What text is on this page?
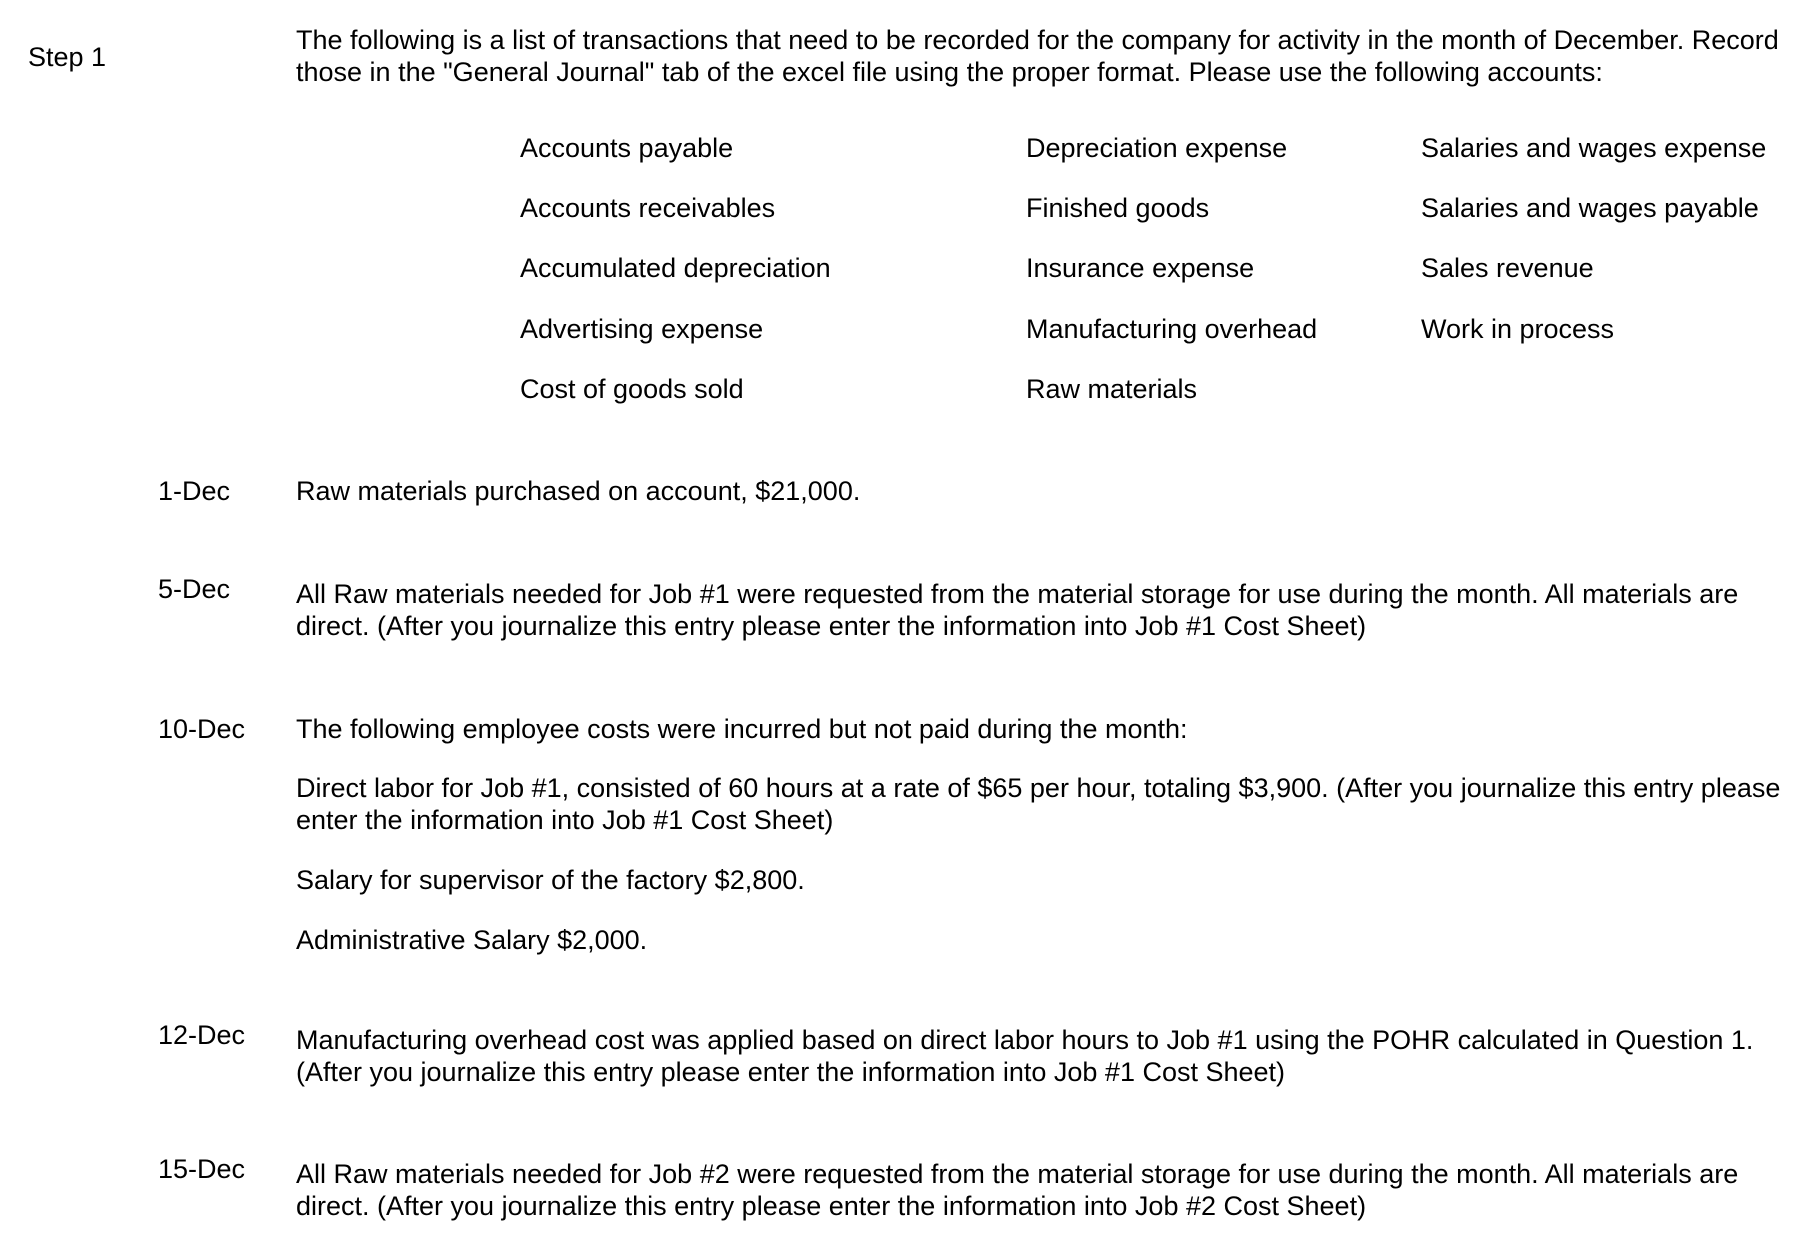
Step 1

The following is a list of transactions that need to be recorded for the company for activity in the month of December. Record

those in the "General Journal" tab of the excel file using the proper format. Please use the following accounts:

Accounts payable
Accounts receivables
Accumulated depreciation
Advertising expense
Cost of goods sold
Depreciation expense
Finished goods
Insurance expense
Manufacturing overhead
Raw materials
Salaries and wages expense
Salaries and wages payable
Sales revenue
Work in process
1-Dec Raw materials purchased on account, $21,000.
5-Dec All Raw materials needed for Job #1 were requested from the material storage for use during the month. All materials are
direct. (After you journalize this entry please enter the information into Job #1 Cost Sheet)
10-Dec The following employee costs were incurred but not paid during the month:
Direct labor for Job #1, consisted of 60 hours at a rate of $65 per hour, totaling $3,900. (After you journalize this entry please
enter the information into Job #1 Cost Sheet)
Salary for supervisor of the factory $2,800.
Administrative Salary $2,000.
12-Dec Manufacturing overhead cost was applied based on direct labor hours to Job #1 using the POHR calculated in Question 1.
(After you journalize this entry please enter the information into Job #1 Cost Sheet)
15-Dec All Raw materials needed for Job #2 were requested from the material storage for use during the month. All materials are
direct. (After you journalize this entry please enter the information into Job #2 Cost Sheet)
